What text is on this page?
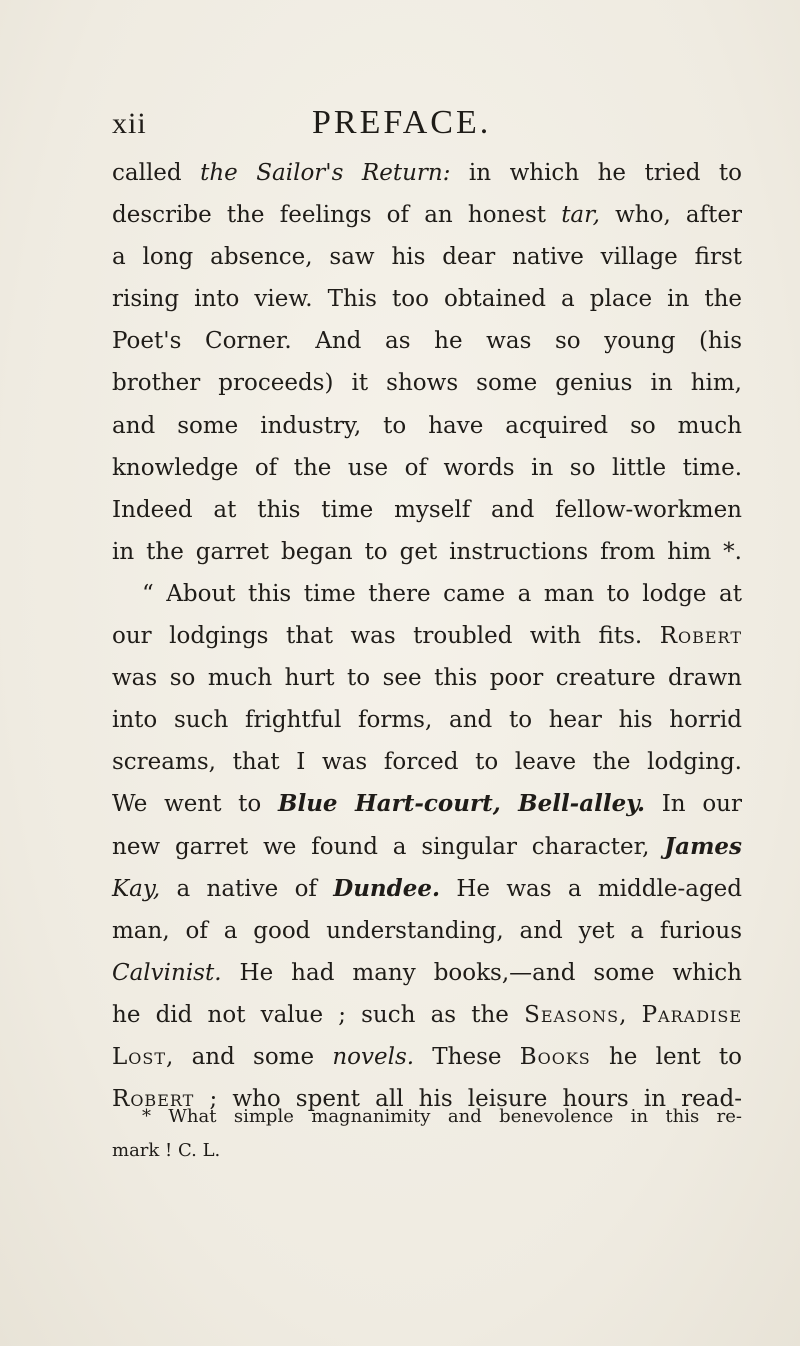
xii	PREFACE.
called the Sailor's Return: in which he tried to
describe the feelings of an honest tar, who, after
a long absence, saw his dear native village first
rising into view. This too obtained a place in the
Poet's Corner. And as he was so young (his
brother proceeds) it shows some genius in him,
and some industry, to have acquired so much
knowledge of the use of words in so little time.
Indeed at this time myself and fellow-workmen
in the garret began to get instructions from him *.
“ About this time there came a man to lodge at
our lodgings that was troubled with fits. Robert
was so much hurt to see this poor creature drawn
into such frightful forms, and to hear his horrid
screams, that I was forced to leave the lodging.
We went to Blue Hart-court, Bell-alley. In our
new garret we found a singular character, James
Kay, a native of Dundee. He was a middle-aged
man, of a good understanding, and yet a furious
Calvinist. He had many books,—and some which
he did not value ; such as the Seasons, Paradise
Lost, and some novels. These Books he lent to
Robert ; who spent all his leisure hours in read-
* What simple magnanimity and benevolence in this re-
mark ! C. L.
